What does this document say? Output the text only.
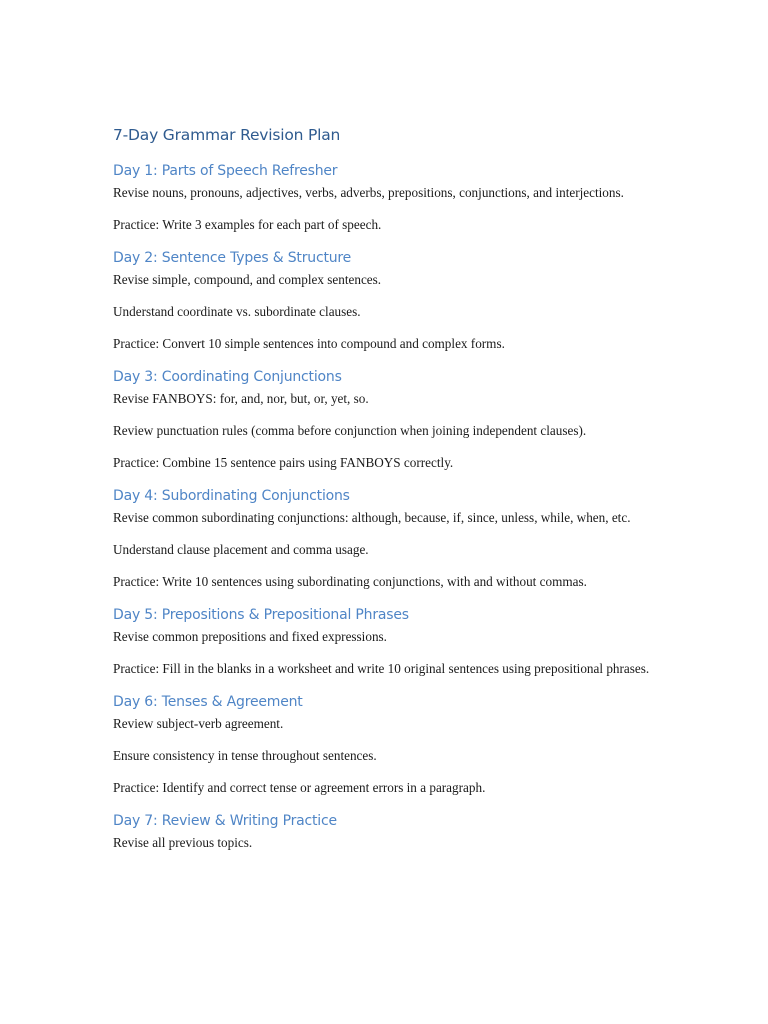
7-Day Grammar Revision Plan
Day 1: Parts of Speech Refresher

Revise nouns, pronouns, adjectives, verbs, adverbs, prepositions, conjunctions, and interjections.

Practice: Write 3 examples for each part of speech.

Day 2: Sentence Types & Structure

Revise simple, compound, and complex sentences.

Understand coordinate vs. subordinate clauses.

Practice: Convert 10 simple sentences into compound and complex forms.

Day 3: Coordinating Conjunctions

Revise FANBOYS: for, and, nor, but, or, yet, so.

Review punctuation rules (comma before conjunction when joining independent clauses).

Practice: Combine 15 sentence pairs using FANBOYS correctly.

Day 4: Subordinating Conjunctions

Revise common subordinating conjunctions: although, because, if, since, unless, while, when, etc.

Understand clause placement and comma usage.

Practice: Write 10 sentences using subordinating conjunctions, with and without commas.

Day 5: Prepositions & Prepositional Phrases

Revise common prepositions and fixed expressions.

Practice: Fill in the blanks in a worksheet and write 10 original sentences using prepositional phrases.

Day 6: Tenses & Agreement

Review subject-verb agreement.

Ensure consistency in tense throughout sentences.

Practice: Identify and correct tense or agreement errors in a paragraph.

Day 7: Review & Writing Practice

Revise all previous topics.
